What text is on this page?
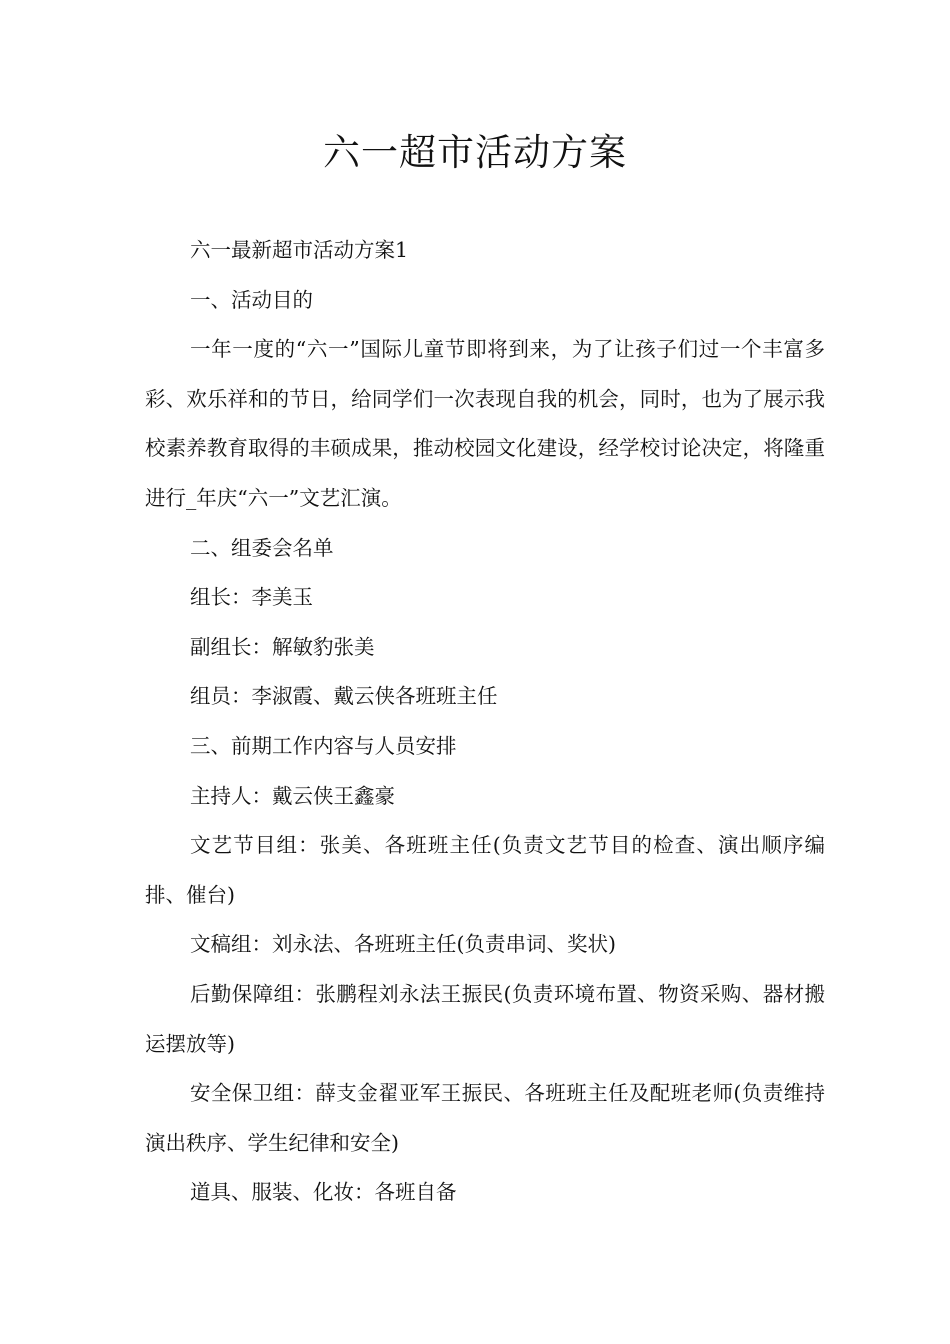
六一超市活动方案

六一最新超市活动方案1

一、活动目的

一年一度的“六一”国际儿童节即将到来，为了让孩子们过一个丰富多彩、欢乐祥和的节日，给同学们一次表现自我的机会，同时，也为了展示我校素养教育取得的丰硕成果，推动校园文化建设，经学校讨论决定，将隆重进行_年庆“六一”文艺汇演。

二、组委会名单

组长：李美玉

副组长：解敏豹张美

组员：李淑霞、戴云侠各班班主任

三、前期工作内容与人员安排

主持人：戴云侠王鑫豪

文艺节目组：张美、各班班主任(负责文艺节目的检查、演出顺序编排、催台)

文稿组：刘永法、各班班主任(负责串词、奖状)

后勤保障组：张鹏程刘永法王振民(负责环境布置、物资采购、器材搬运摆放等)

安全保卫组：薛支金翟亚军王振民、各班班主任及配班老师(负责维持演出秩序、学生纪律和安全)

道具、服装、化妆：各班自备
